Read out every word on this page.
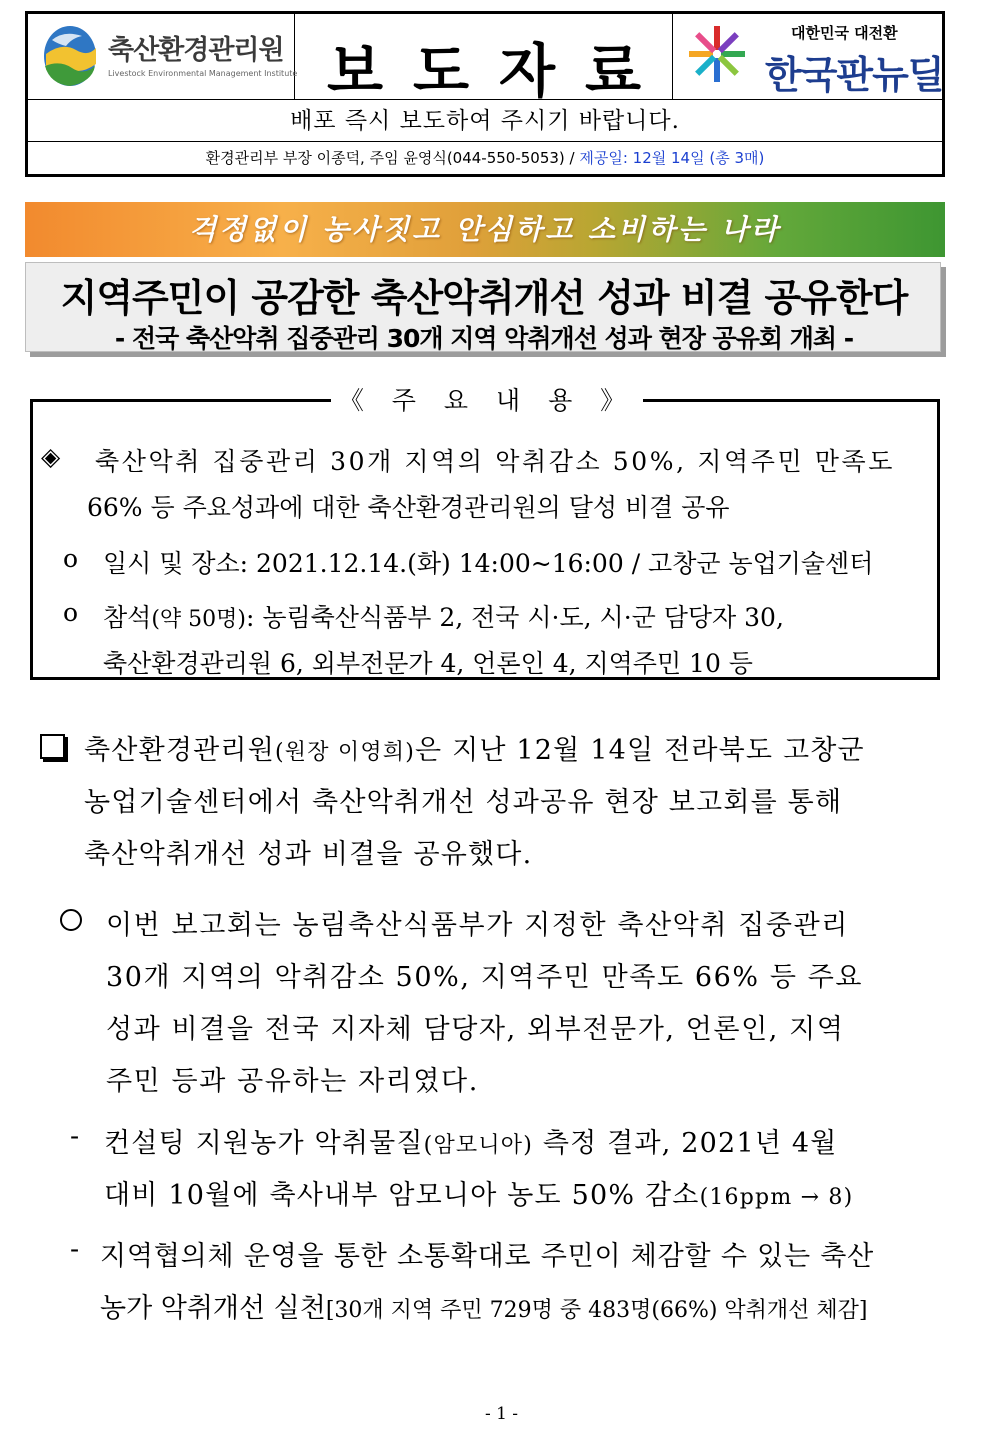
축산환경관리원
Livestock Environmental Management Institute 보도자료
대한민국 대전환
한국판뉴딜
배포 즉시 보도하여 주시기 바랍니다.
환경관리부 부장 이종덕, 주임 윤영식(044-550-5053) / 제공일: 12월 14일 (총 3매)
걱정없이 농사짓고 안심하고 소비하는 나라
지역주민이 공감한 축산악취개선 성과 비결 공유한다
- 전국 축산악취 집중관리 30개 지역 악취개선 성과 현장 공유회 개최 -
《 주 요 내 용 》
◈ 축산악취 집중관리 30개 지역의 악취감소 50%, 지역주민 만족도
66% 등 주요성과에 대한 축산환경관리원의 달성 비결 공유
o 일시 및 장소: 2021.12.14.(화) 14:00~16:00 / 고창군 농업기술센터
o 참석(약 50명): 농림축산식품부 2, 전국 시·도, 시·군 담당자 30,
축산환경관리원 6, 외부전문가 4, 언론인 4, 지역주민 10 등
축산환경관리원(원장 이영희)은 지난 12월 14일 전라북도 고창군
농업기술센터에서 축산악취개선 성과공유 현장 보고회를 통해
축산악취개선 성과 비결을 공유했다.
이번 보고회는 농림축산식품부가 지정한 축산악취 집중관리
30개 지역의 악취감소 50%, 지역주민 만족도 66% 등 주요
성과 비결을 전국 지자체 담당자, 외부전문가, 언론인, 지역
주민 등과 공유하는 자리였다.
- 컨설팅 지원농가 악취물질(암모니아) 측정 결과, 2021년 4월
대비 10월에 축사내부 암모니아 농도 50% 감소(16ppm → 8)
- 지역협의체 운영을 통한 소통확대로 주민이 체감할 수 있는 축산
농가 악취개선 실천[30개 지역 주민 729명 중 483명(66%) 악취개선 체감]
- 1 -
